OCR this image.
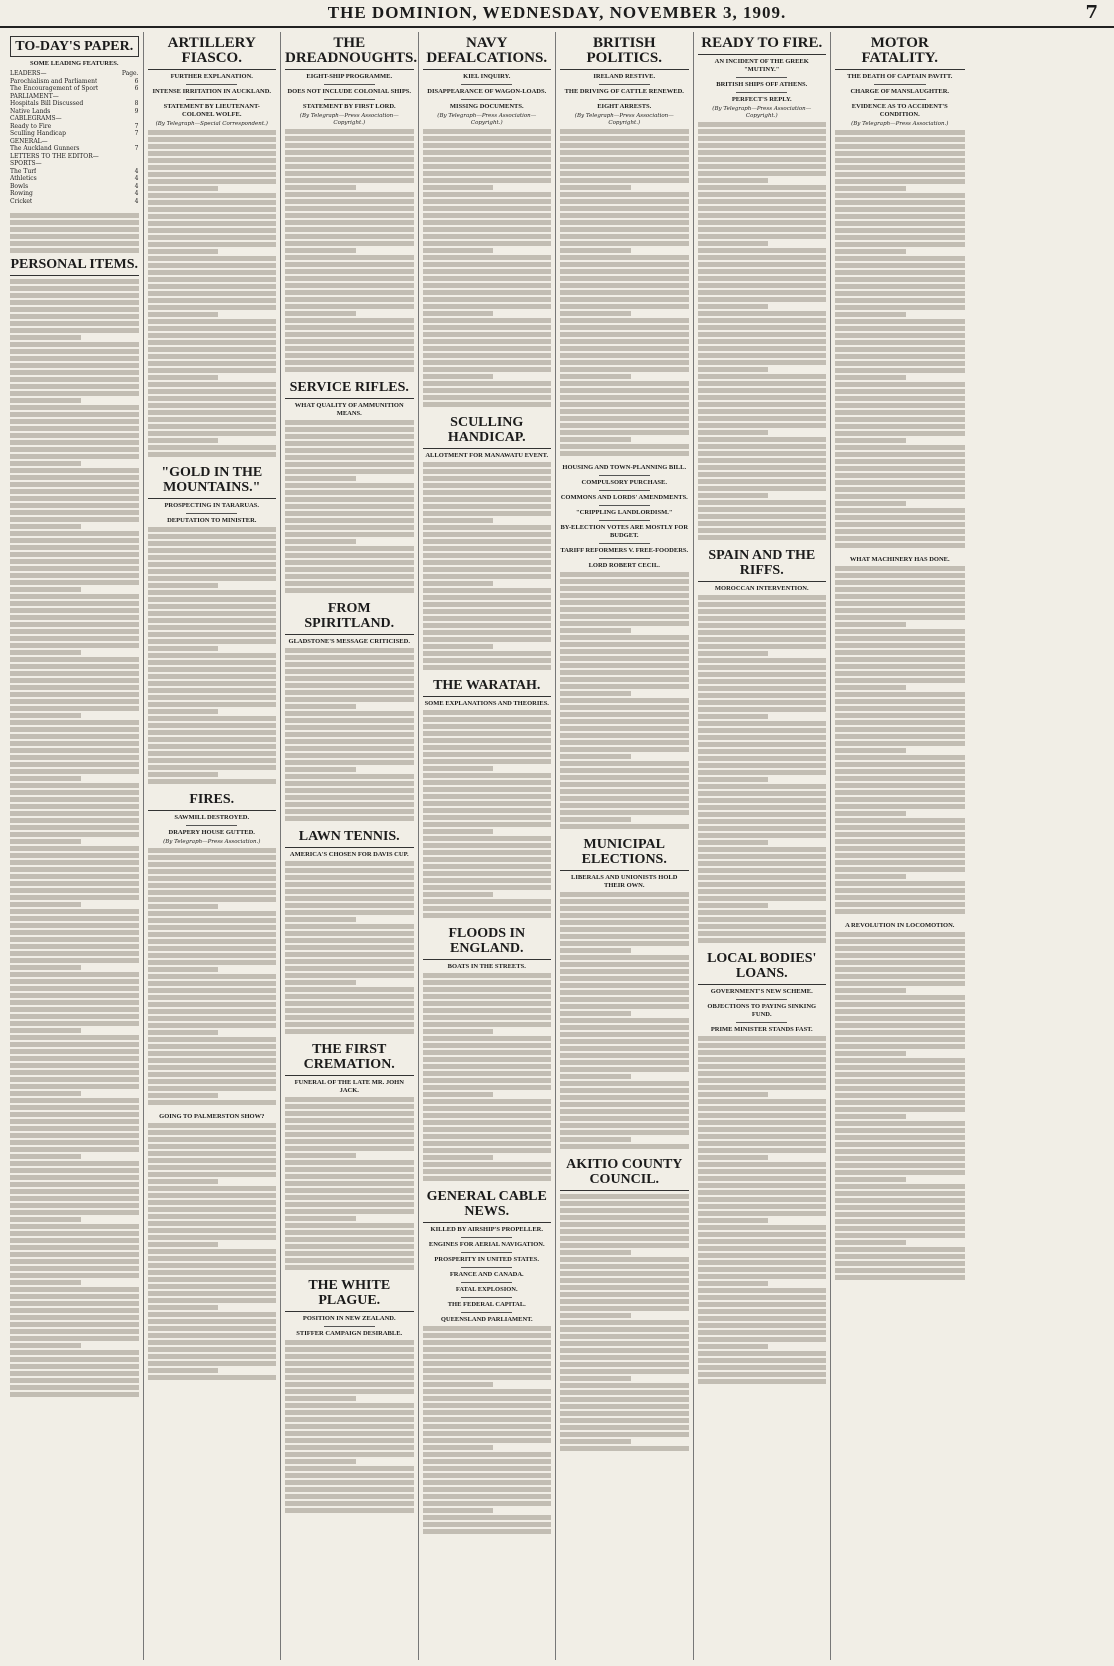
THE DOMINION, WEDNESDAY, NOVEMBER 3, 1909.	7
TO-DAY'S PAPER.
SOME LEADING FEATURES.
LEADERS—	Page.
Parochialism and Parliament	6
The Encouragement of Sport	6
PARLIAMENT—
Hospitals Bill Discussed	8
Native Lands	9
CABLEGRAMS—
Ready to Fire	7
Sculling Handicap	7
GENERAL—
The Auckland Gunners	7
LETTERS TO THE EDITOR—
SPORTS—
The Turf	4
Athletics	4
Bowls	4
Rowing	4
Cricket	4
PERSONAL ITEMS.
ARTILLERY FIASCO.
FURTHER EXPLANATION.
INTENSE IRRITATION IN AUCKLAND.
STATEMENT BY LIEUTENANT-COLONEL WOLFE.
(By Telegraph—Special Correspondent.)
"GOLD IN THE MOUNTAINS."
PROSPECTING IN TARARUAS.
DEPUTATION TO MINISTER.
FIRES.
SAWMILL DESTROYED.
DRAPERY HOUSE GUTTED.
(By Telegraph—Press Association.)
GOING TO PALMERSTON SHOW?
THE DREADNOUGHTS.
EIGHT-SHIP PROGRAMME.
DOES NOT INCLUDE COLONIAL SHIPS.
STATEMENT BY FIRST LORD.
(By Telegraph—Press Association—Copyright.)
SERVICE RIFLES.
WHAT QUALITY OF AMMUNITION MEANS.
FROM SPIRITLAND.
GLADSTONE'S MESSAGE CRITICISED.
LAWN TENNIS.
AMERICA'S CHOSEN FOR DAVIS CUP.
THE FIRST CREMATION.
FUNERAL OF THE LATE MR. JOHN JACK.
THE WHITE PLAGUE.
POSITION IN NEW ZEALAND.
STIFFER CAMPAIGN DESIRABLE.
NAVY DEFALCATIONS.
KIEL INQUIRY.
DISAPPEARANCE OF WAGON-LOADS.
MISSING DOCUMENTS.
(By Telegraph—Press Association—Copyright.)
SCULLING HANDICAP.
ALLOTMENT FOR MANAWATU EVENT.
THE WARATAH.
SOME EXPLANATIONS AND THEORIES.
FLOODS IN ENGLAND.
BOATS IN THE STREETS.
GENERAL CABLE NEWS.
KILLED BY AIRSHIP'S PROPELLER.
ENGINES FOR AERIAL NAVIGATION.
PROSPERITY IN UNITED STATES.
FRANCE AND CANADA.
FATAL EXPLOSION.
THE FEDERAL CAPITAL.
QUEENSLAND PARLIAMENT.
BRITISH POLITICS.
IRELAND RESTIVE.
THE DRIVING OF CATTLE RENEWED.
EIGHT ARRESTS.
(By Telegraph—Press Association—Copyright.)
HOUSING AND TOWN-PLANNING BILL.
COMPULSORY PURCHASE.
COMMONS AND LORDS' AMENDMENTS.
"CRIPPLING LANDLORDISM."
BY-ELECTION VOTES ARE MOSTLY FOR BUDGET.
TARIFF REFORMERS V. FREE-FOODERS.
LORD ROBERT CECIL.
MUNICIPAL ELECTIONS.
LIBERALS AND UNIONISTS HOLD THEIR OWN.
AKITIO COUNTY COUNCIL.
READY TO FIRE.
AN INCIDENT OF THE GREEK "MUTINY."
BRITISH SHIPS OFF ATHENS.
PERFECT'S REPLY.
(By Telegraph—Press Association—Copyright.)
SPAIN AND THE RIFFS.
MOROCCAN INTERVENTION.
LOCAL BODIES' LOANS.
GOVERNMENT'S NEW SCHEME.
OBJECTIONS TO PAYING SINKING FUND.
PRIME MINISTER STANDS FAST.
MOTOR FATALITY.
THE DEATH OF CAPTAIN PAVITT.
CHARGE OF MANSLAUGHTER.
EVIDENCE AS TO ACCIDENT'S CONDITION.
(By Telegraph—Press Association.)
WHAT MACHINERY HAS DONE.
A REVOLUTION IN LOCOMOTION.
